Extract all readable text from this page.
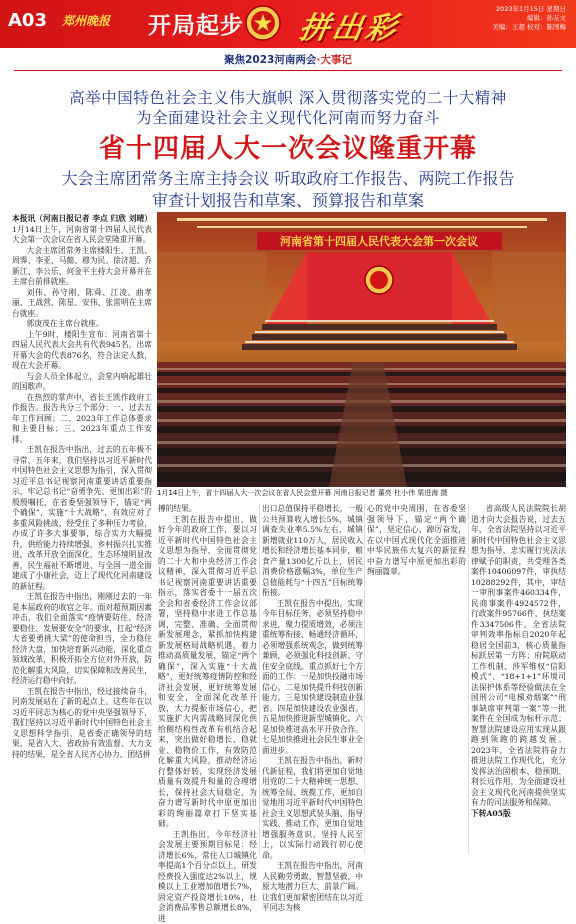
A03 郑州晚报 开局起步 拼出彩
2023年1月15日 星期日
编辑：孙友文
美编：王超 校对：陈国梅
聚焦2023河南两会·大事记
高举中国特色社会主义伟大旗帜 深入贯彻落实党的二十大精神
为全面建设社会主义现代化河南而努力奋斗
省十四届人大一次会议隆重开幕
大会主席团常务主席主持会议 听取政府工作报告、两院工作报告
审查计划报告和草案、预算报告和草案
河南省第十四届人民代表大会第一次会议
1月14日上午，省十四届人大一次会议在省人民会堂开幕 河南日报记者 董亮 杜小伟 栗进海 摄

本报讯（河南日报记者 李点 归欣 刘晴）1月14日上午，河南省第十四届人民代表大会第一次会议在省人民会堂隆重开幕。

大会主席团常务主席楼阳生、王凯、周霁、李亚、马懿、穆为民、徐济超、乔新江、李公乐、何金平主持大会开幕并在主席台前排就座。

刘伟、孙守刚、陈舜、江凌、曲孝丽、王战营、陈星、安伟、张雷明在主席台就座。

郭庚茂在主席台就座。

上午9时，楼阳生宣布：河南省第十四届人民代表大会共有代表945名，出席开幕大会的代表876名，符合法定人数，现在大会开幕。

与会人员全体起立，会堂内响起雄壮的国歌声。

在热烈的掌声中，省长王凯作政府工作报告。报告共分三个部分：一、过去五年工作回顾；二、2023年工作总体要求和主要目标；三、2023年重点工作安排。

王凯在报告中指出，过去的五年极不寻常、五年来，我们坚持以习近平新时代中国特色社会主义思想为指引，深入贯彻习近平总书记视察河南重要讲话重要指示，牢记总书记“奋勇争先、更加出彩”的殷殷嘱托，在省委坚强领导下，锚定“两个确保”，实施“十大战略”，有效应对了多重风险挑战，经受住了多种压力考验，办成了许多大事要事，综合实力大幅提升，供给能力持续增强，乡村振兴扎实推进，改革开放全面深化，生态环境明显改善，民生福祉不断增进，与全国一道全面建成了小康社会，迈上了现代化河南建设的新征程。

王凯在报告中指出，刚刚过去的一年是本届政府的收官之年。面对超预期因素冲击，我们全面落实“疫情要防住、经济要稳住、发展要安全”的要求，扛起“经济大省要勇挑大梁”的使命担当，全力稳住经济大盘，加快培育新兴动能，深化重点领域改革，积极开拓全方位对外开放，防范化解重大风险，切实保障和改善民生，经济运行稳中向好。

王凯在报告中指出，经过接续奋斗，河南发展站在了新的起点上。这些年在以习近平同志为核心的党中央坚强领导下，我们坚持以习近平新时代中国特色社会主义思想科学指引，是省委正确领导的结果，是省人大、省政协有效监督、大力支持的结果，是全省人民齐心协力、团结拼

搏的结果。

王凯在报告中提出，做好今年的政府工作，要以习近平新时代中国特色社会主义思想为指导，全面贯彻党的二十大和中央经济工作会议精神，深入贯彻习近平总书记视察河南重要讲话重要指示，落实省委十一届五次全会和省委经济工作会议部署，坚持稳中求进工作总基调，完整、准确、全面贯彻新发展理念，紧抓加快构建新发展格局战略机遇，着力推动高质量发展，锚定“两个确保”，深入实施“十大战略”，更好统筹疫情防控和经济社会发展，更好统筹发展和安全，全面深化改革开放，大力提振市场信心，把实施扩大内需战略同深化供给侧结构性改革有机结合起来，突出做好稳增长、稳就业、稳物价工作，有效防范化解重大风险，推动经济运行整体好转，实现经济发展质量有效提升和量的合理增长，保持社会大局稳定，为奋力谱写新时代中原更加出彩的绚丽篇章打下坚实基础。

王凯指出，今年经济社会发展主要预期目标是：经济增长6%，常住人口城镇化率提高1个百分点以上，研发经费投入强度达2%以上，规模以上工业增加值增长7%，固定资产投资增长10%，社会消费品零售总额增长8%，进

出口总值保持平稳增长，一般公共预算收入增长5%，城镇调查失业率5.5%左右，城镇新增就业110万人，居民收入增长和经济增长基本同步，粮食产量1300亿斤以上，居民消费价格涨幅3%，单位生产总值能耗与“十四五”目标统筹衔接。

王凯在报告中提出，实现今年目标任务，必须坚持稳中求进，聚力提质增效，必须注重统筹衔接、畅通经济循环，必须增强系统观念，做到统筹兼顾，必须强化科技创新、守住安全底线。重点抓好七个方面的工作：一是加快投融市场信心。二是加快提升科技创新能力。三是加快建设制造业强省。四是加快建设农业强省。五是加快推进新型城镇化。六是加快推进高水平开放合作。七是加快推进社会民生事业全面进步。

王凯在报告中指出，新时代新征程，我们将更加自觉地用党的二十大精神统一思想、统筹全局、统揽工作，更加自觉地用习近平新时代中国特色社会主义思想武装头脑、指导实践、推动工作，更加自觉地增强服务意识，坚持人民至上，以实际行动践行初心使命。

王凯在报告中指出，河南人民勤劳勇敢、智慧坚毅，中原大地潜力巨大、前景广阔。让我们更加紧密团结在以习近平同志为核

心的党中央周围，在省委坚强领导下，锚定“两个确保”，坚定信心、踔厉奋发，在以中国式现代化全面推进中华民族伟大复兴的新征程中奋力谱写中原更加出彩的绚丽篇章。

省高级人民法院院长胡道才向大会报告说，过去五年，全省法院坚持以习近平新时代中国特色社会主义思想为指导，忠实履行宪法法律赋予的职责，共受理各类案件10406097件，审执结10288292件，其中，审结一审刑事案件460334件，民商事案件4924572件，行政案件95766件，执结案件3347506件。全省法院审判效率指标自2020年起稳居全国前3，核心质量指标跃居第一方阵；府院联动工作机制、涉军维权“信阳模式”、“18+1+1”环境司法保护体系等经验做法在全国刑公司“电梯劝烟案”“刑事缺席审判第一案”等一批案件在全国成为标杆示范；智慧法院建设应用实现从跟跑到领跑的跨越发展。2023年，全省法院将奋力推进法院工作现代化，充分发挥法治固根本、稳预期、利长远作用，为全面建设社会主义现代化河南提供坚实有力的司法服务和保障。

下转A05版
